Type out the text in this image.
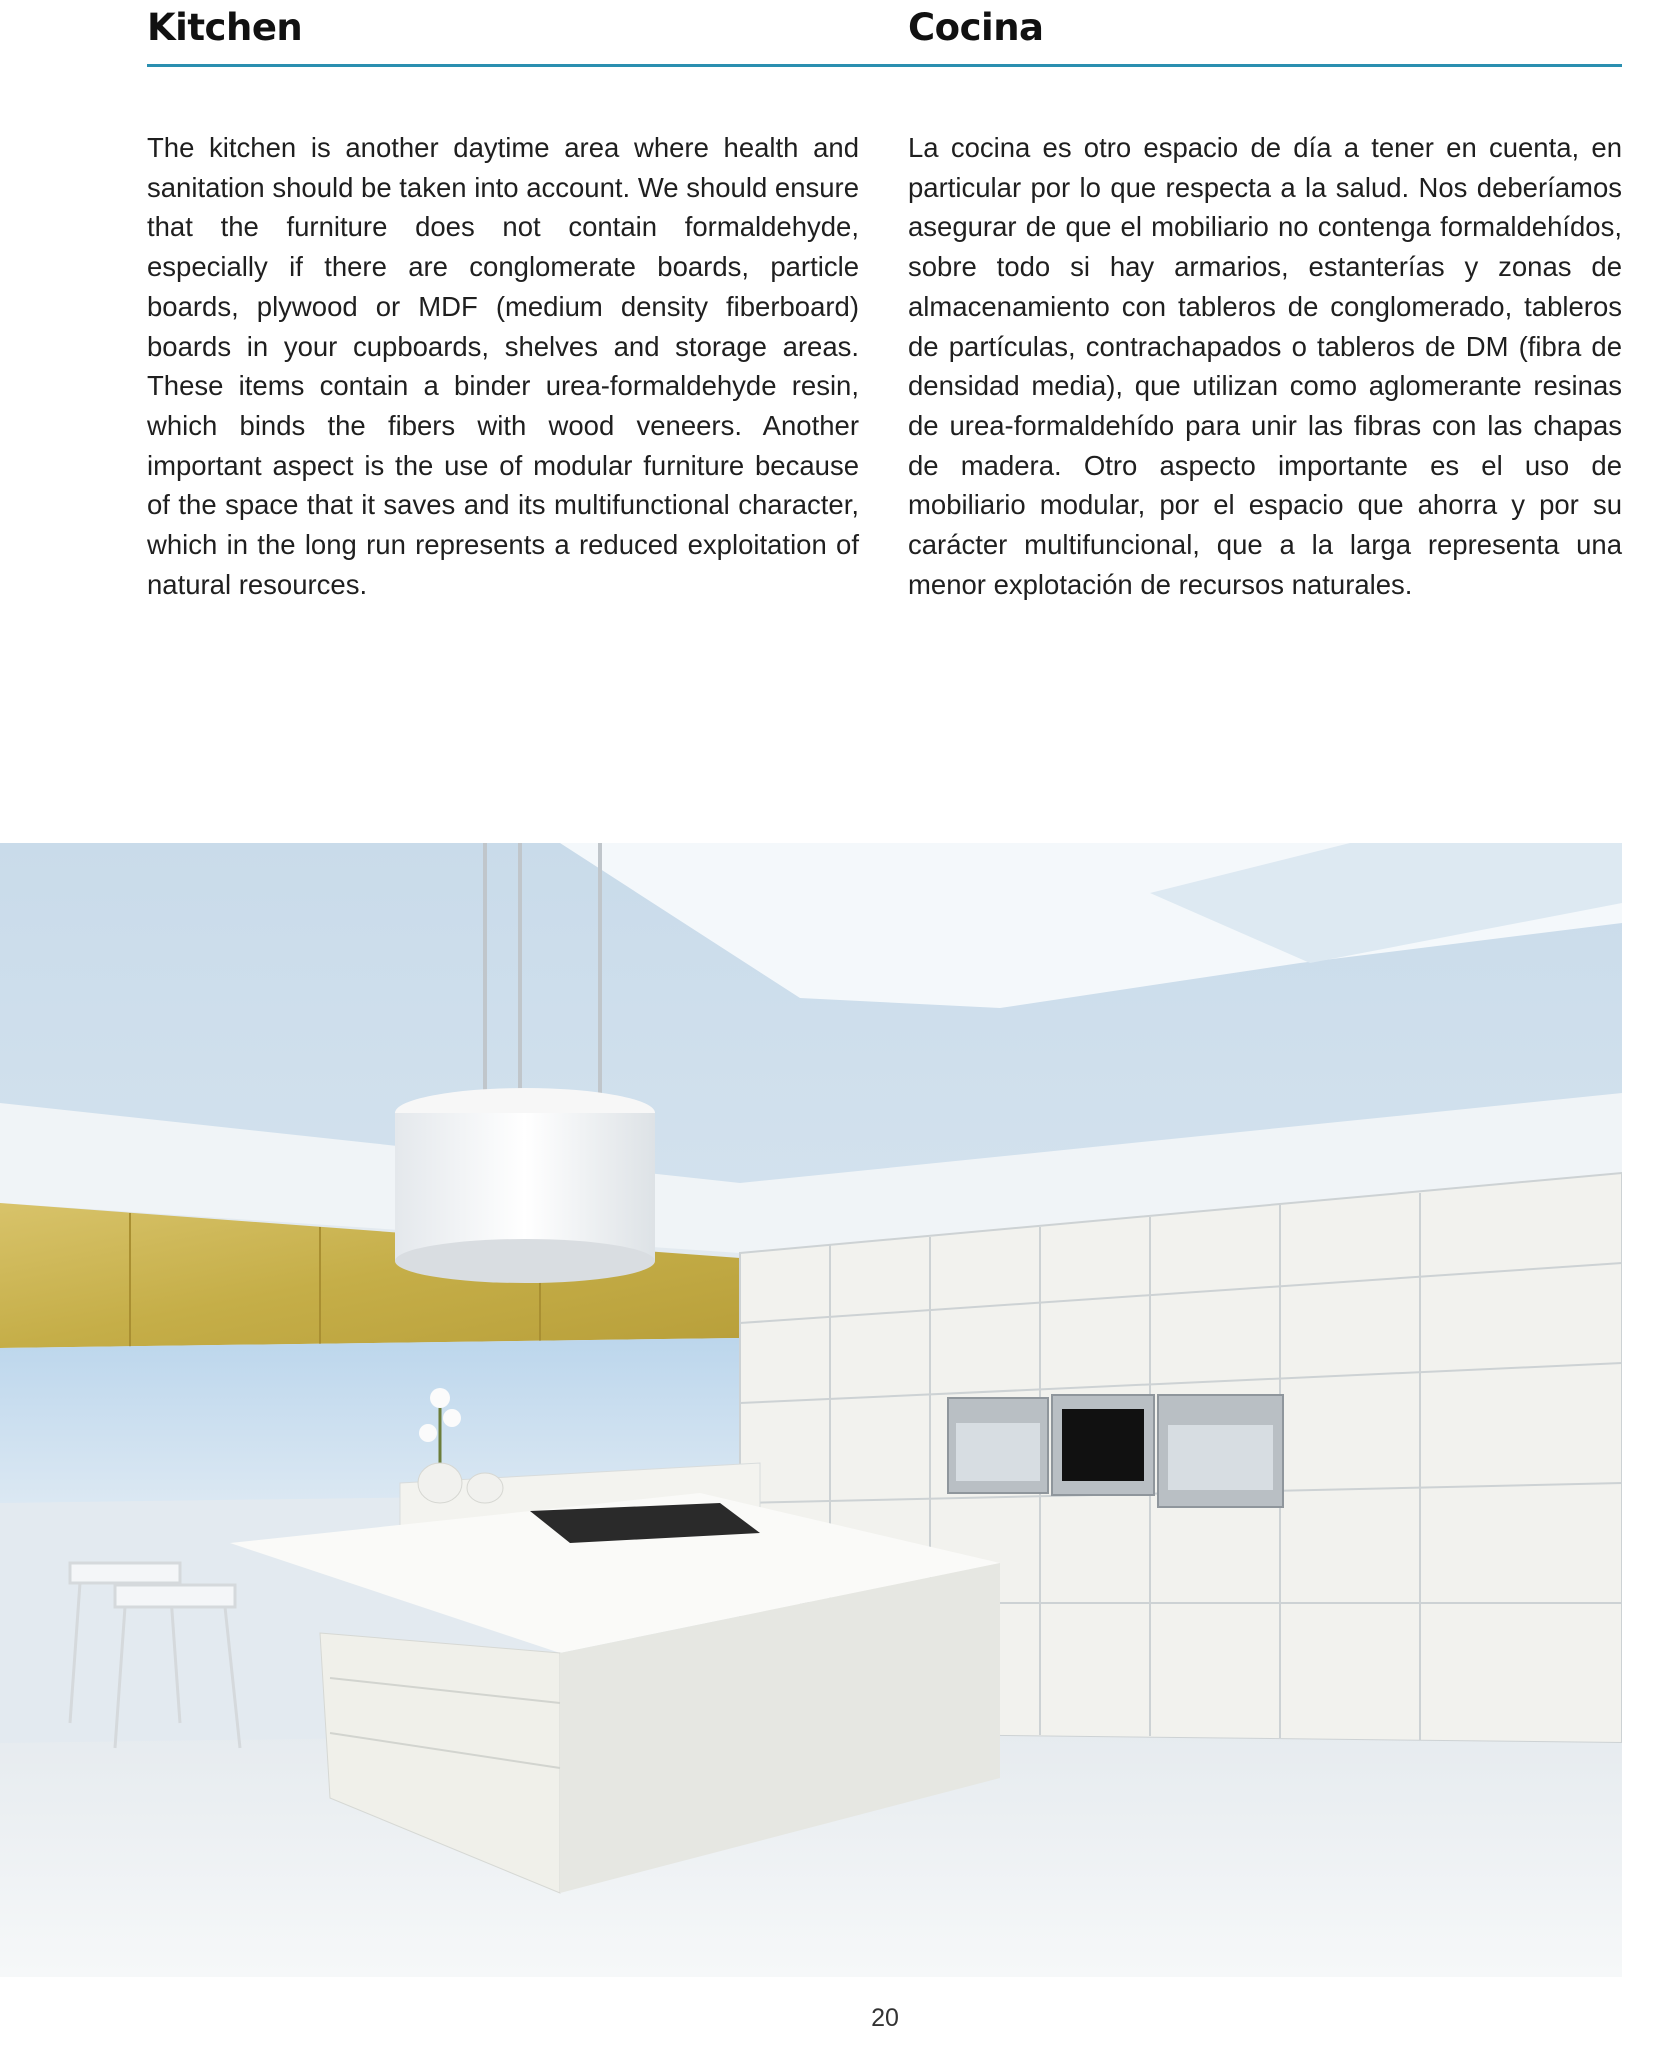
Kitchen	Cocina

The kitchen is another daytime area where health and sanitation should be taken into account. We should ensure that the furniture does not contain formaldehyde, especially if there are conglomerate boards, particle boards, plywood or MDF (medium density fiberboard) boards in your cupboards, shelves and storage areas. These items contain a binder urea-formaldehyde resin, which binds the fibers with wood veneers. Another important aspect is the use of modular furniture because of the space that it saves and its multifunctional character, which in the long run represents a reduced exploitation of natural resources.

La cocina es otro espacio de día a tener en cuenta, en particular por lo que respecta a la salud. Nos deberíamos asegurar de que el mobiliario no contenga formaldehídos, sobre todo si hay armarios, estanterías y zonas de almacenamiento con tableros de conglomerado, tableros de partículas, contrachapados o tableros de DM (fibra de densidad media), que utilizan como aglomerante resinas de urea-formaldehído para unir las fibras con las chapas de madera. Otro aspecto importante es el uso de mobiliario modular, por el espacio que ahorra y por su carácter multifuncional, que a la larga representa una menor explotación de recursos naturales.

20
